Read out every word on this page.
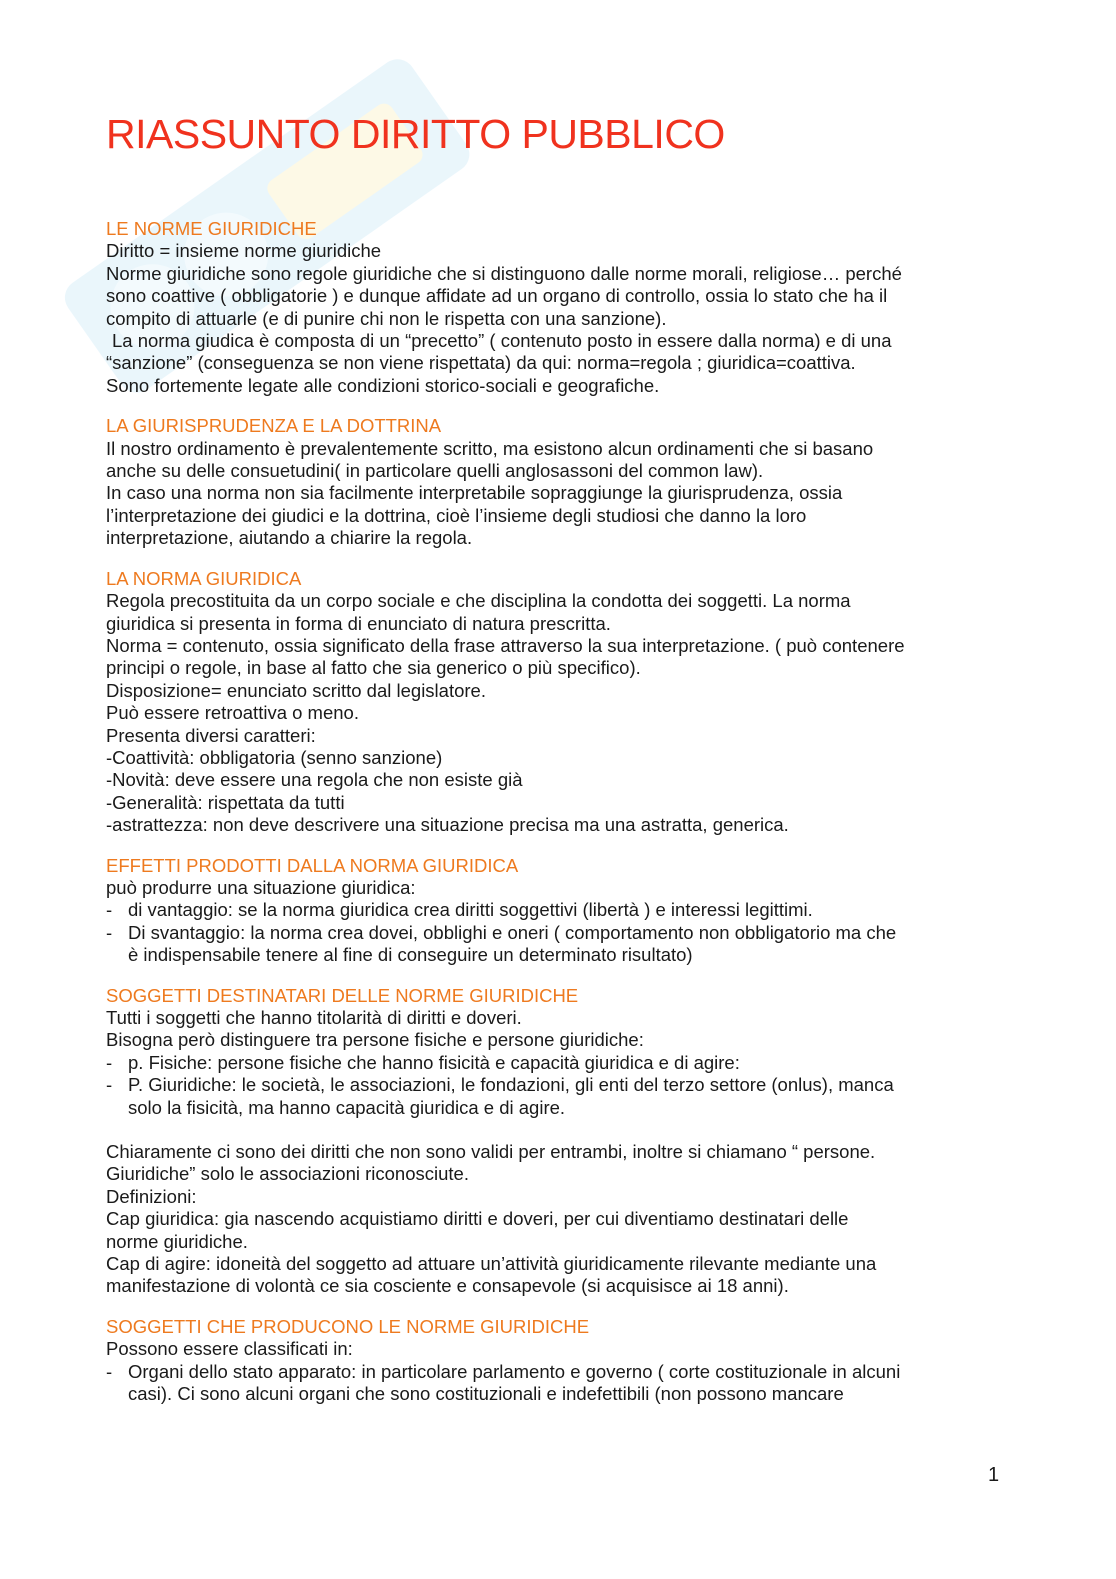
RIASSUNTO DIRITTO PUBBLICO
LE NORME GIURIDICHE
Diritto = insieme norme giuridiche
Norme giuridiche sono regole giuridiche che si distinguono dalle norme morali, religiose… perché
sono coattive ( obbligatorie ) e dunque affidate ad un organo di controllo, ossia lo stato che ha il
compito di attuarle (e di punire chi non le rispetta con una sanzione).
La norma giudica è composta di un “precetto” ( contenuto posto in essere dalla norma) e di una
“sanzione” (conseguenza se non viene rispettata) da qui: norma=regola ; giuridica=coattiva.
Sono fortemente legate alle condizioni storico-sociali e geografiche.
LA GIURISPRUDENZA E LA DOTTRINA
Il nostro ordinamento è prevalentemente scritto, ma esistono alcun ordinamenti che si basano
anche su delle consuetudini( in particolare quelli anglosassoni del common law).
In caso una norma non sia facilmente interpretabile sopraggiunge la giurisprudenza, ossia
l’interpretazione dei giudici e la dottrina, cioè l’insieme degli studiosi che danno la loro
interpretazione, aiutando a chiarire la regola.
LA NORMA GIURIDICA
Regola precostituita da un corpo sociale e che disciplina la condotta dei soggetti. La norma
giuridica si presenta in forma di enunciato di natura prescritta.
Norma = contenuto, ossia significato della frase attraverso la sua interpretazione. ( può contenere
principi o regole, in base al fatto che sia generico o più specifico).
Disposizione= enunciato scritto dal legislatore.
Può essere retroattiva o meno.
Presenta diversi caratteri:
-Coattività: obbligatoria (senno sanzione)
-Novità: deve essere una regola che non esiste già
-Generalità: rispettata da tutti
-astrattezza: non deve descrivere una situazione precisa ma una astratta, generica.
EFFETTI PRODOTTI DALLA NORMA GIURIDICA
può produrre una situazione giuridica:
- di vantaggio: se la norma giuridica crea diritti soggettivi (libertà ) e interessi legittimi.
- Di svantaggio: la norma crea dovei, obblighi e oneri ( comportamento non obbligatorio ma che
è indispensabile tenere al fine di conseguire un determinato risultato)
SOGGETTI DESTINATARI DELLE NORME GIURIDICHE
Tutti i soggetti che hanno titolarità di diritti e doveri.
Bisogna però distinguere tra persone fisiche e persone giuridiche:
- p. Fisiche: persone fisiche che hanno fisicità e capacità giuridica e di agire:
- P. Giuridiche: le società, le associazioni, le fondazioni, gli enti del terzo settore (onlus), manca
solo la fisicità, ma hanno capacità giuridica e di agire.
Chiaramente ci sono dei diritti che non sono validi per entrambi, inoltre si chiamano “ persone.
Giuridiche” solo le associazioni riconosciute.
Definizioni:
Cap giuridica: gia nascendo acquistiamo diritti e doveri, per cui diventiamo destinatari delle
norme giuridiche.
Cap di agire: idoneità del soggetto ad attuare un’attività giuridicamente rilevante mediante una
manifestazione di volontà ce sia cosciente e consapevole (si acquisisce ai 18 anni).
SOGGETTI CHE PRODUCONO LE NORME GIURIDICHE
Possono essere classificati in:
- Organi dello stato apparato: in particolare parlamento e governo ( corte costituzionale in alcuni
casi). Ci sono alcuni organi che sono costituzionali e indefettibili (non possono mancare
1
